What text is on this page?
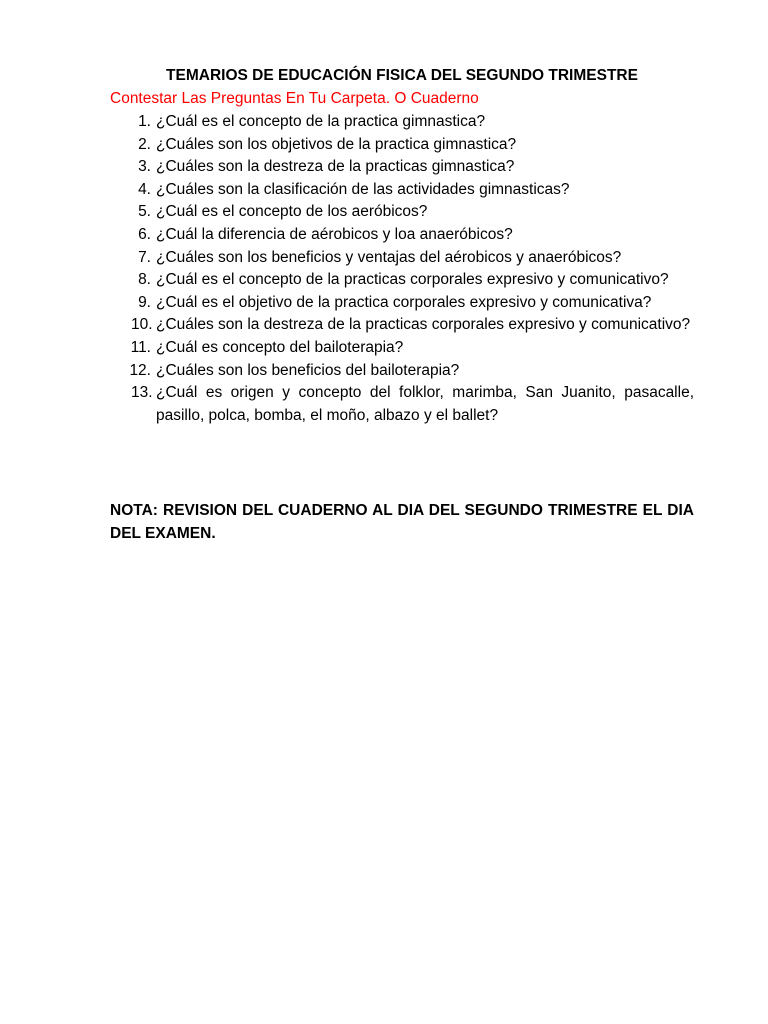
TEMARIOS DE EDUCACIÓN FISICA DEL SEGUNDO TRIMESTRE

Contestar Las Preguntas En Tu Carpeta. O Cuaderno

1. ¿Cuál es el concepto de la practica gimnastica?
2. ¿Cuáles son los objetivos de la practica gimnastica?
3. ¿Cuáles son la destreza de la practicas gimnastica?
4. ¿Cuáles son la clasificación de las actividades gimnasticas?
5. ¿Cuál es el concepto de los aeróbicos?
6. ¿Cuál la diferencia de aérobicos y loa anaeróbicos?
7. ¿Cuáles son los beneficios y ventajas del aérobicos y anaeróbicos?
8. ¿Cuál es el concepto de la practicas corporales expresivo y comunicativo?
9. ¿Cuál es el objetivo de la practica corporales expresivo y comunicativa?
10. ¿Cuáles son la destreza de la practicas corporales expresivo y comunicativo?
11. ¿Cuál es concepto del bailoterapia?
12. ¿Cuáles son los beneficios del bailoterapia?
13. ¿Cuál es origen y concepto del folklor, marimba, San Juanito, pasacalle, pasillo, polca, bomba, el moño, albazo y el ballet?

NOTA: REVISION DEL CUADERNO AL DIA DEL SEGUNDO TRIMESTRE EL DIA DEL EXAMEN.
